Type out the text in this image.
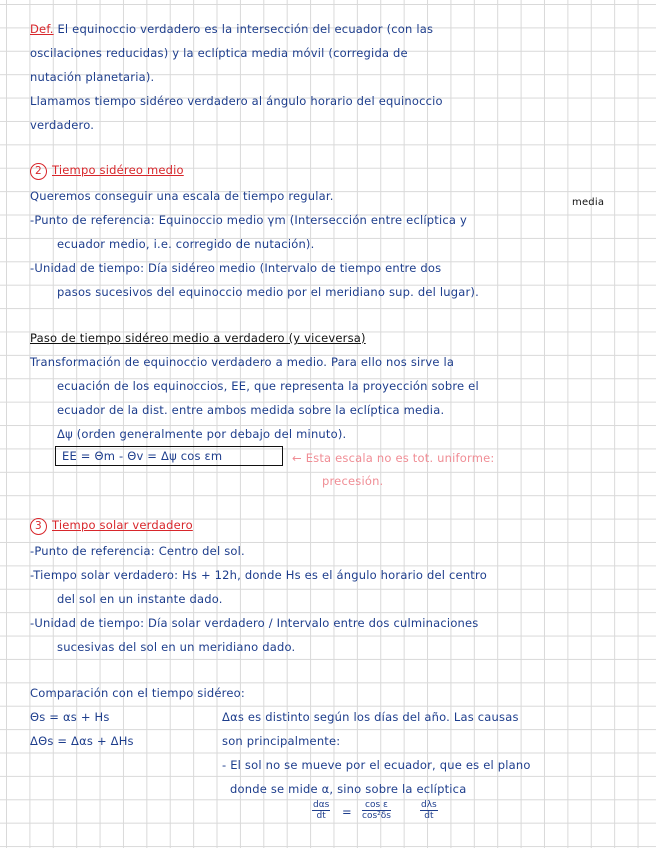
Def. El equinoccio verdadero es la intersección del ecuador (con las
oscilaciones reducidas) y la eclíptica media móvil (corregida de
nutación planetaria).
Llamamos tiempo sidéreo verdadero al ángulo horario del equinoccio
verdadero.
2 Tiempo sidéreo medio
Queremos conseguir una escala de tiempo regular.	media
-Punto de referencia: Equinoccio medio γm (Intersección entre eclíptica y
ecuador medio, i.e. corregido de nutación).
-Unidad de tiempo: Día sidéreo medio (Intervalo de tiempo entre dos
pasos sucesivos del equinoccio medio por el meridiano sup. del lugar).
Paso de tiempo sidéreo medio a verdadero (y viceversa)
Transformación de equinoccio verdadero a medio. Para ello nos sirve la
ecuación de los equinoccios, EE, que representa la proyección sobre el
ecuador de la dist. entre ambos medida sobre la eclíptica media.
Δψ (orden generalmente por debajo del minuto).
EE = Θm - Θv = Δψ cos εm	← Esta escala no es tot. uniforme:
precesión.
3 Tiempo solar verdadero
-Punto de referencia: Centro del sol.
-Tiempo solar verdadero: Hs + 12h, donde Hs es el ángulo horario del centro
del sol en un instante dado.
-Unidad de tiempo: Día solar verdadero / Intervalo entre dos culminaciones
sucesivas del sol en un meridiano dado.
Comparación con el tiempo sidéreo:
Θs = αs + Hs
ΔΘs = Δαs + ΔHs
Δαs es distinto según los días del año. Las causas
son principalmente:
- El sol no se mueve por el ecuador, que es el plano
donde se mide α, sino sobre la eclíptica
dαs
dt	= $\frac{\text{cos ε}}{\text{cos²δs}}$	dλs
dt
